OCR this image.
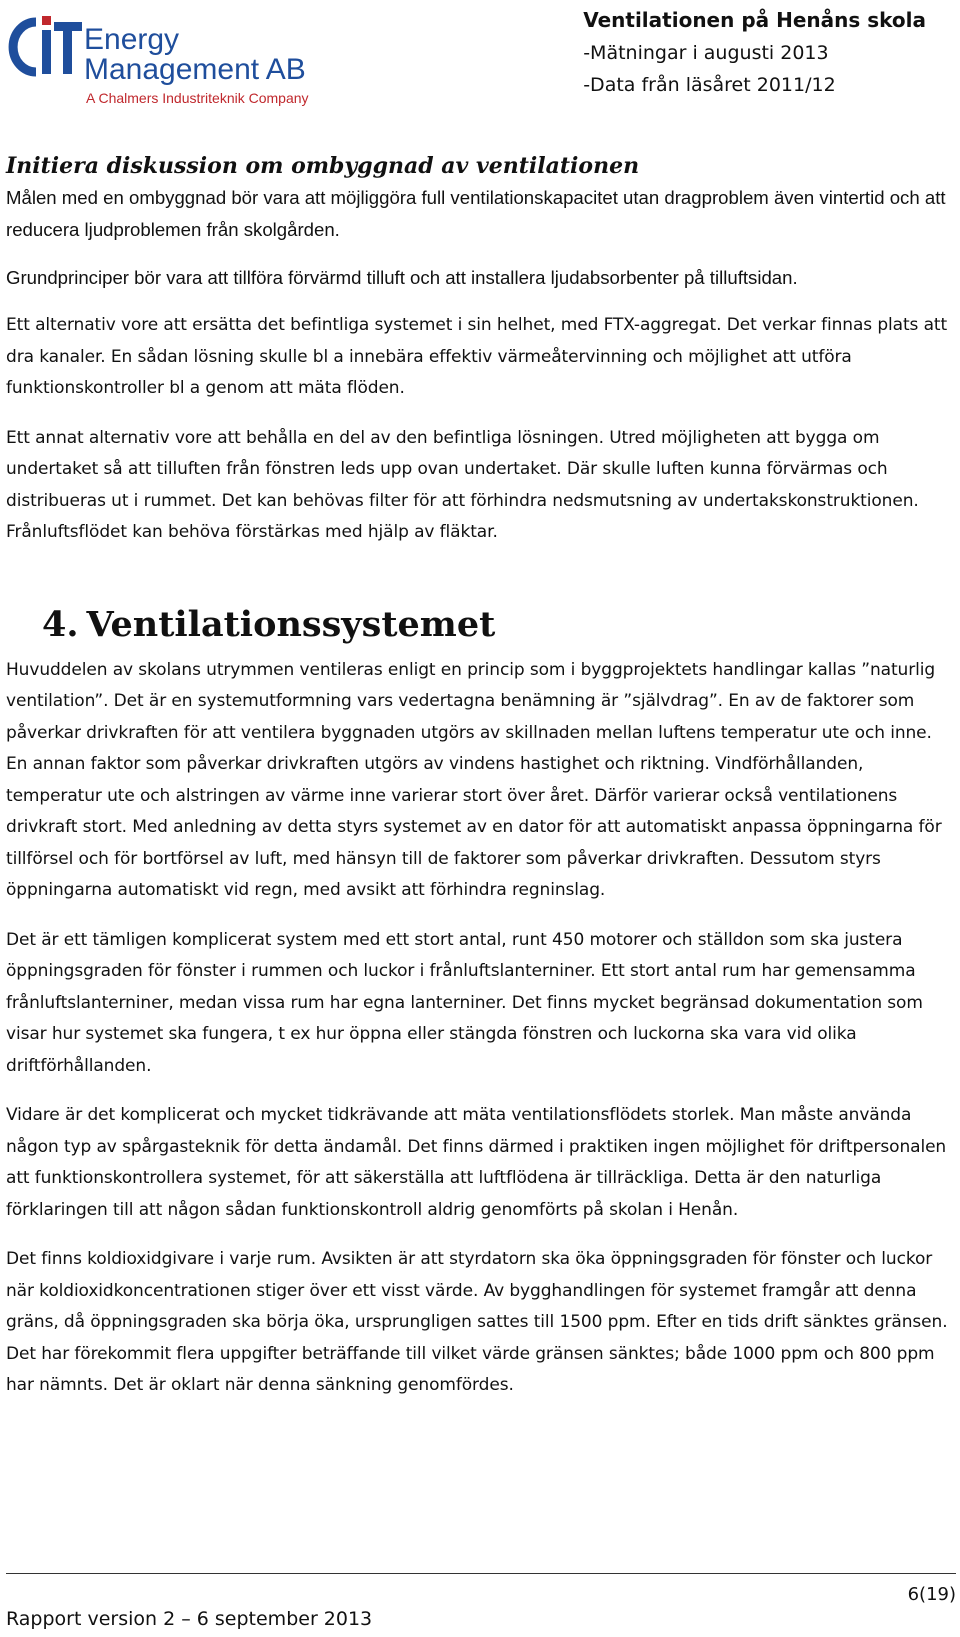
Energy
Management AB
A Chalmers Industriteknik Company
Ventilationen på Henåns skola
-Mätningar i augusti 2013
-Data från läsåret 2011/12
Initiera diskussion om ombyggnad av ventilationen

Målen med en ombyggnad bör vara att möjliggöra full ventilationskapacitet utan dragproblem även vintertid och att reducera ljudproblemen från skolgården.

Grundprinciper bör vara att tillföra förvärmd tilluft och att installera ljudabsorbenter på tilluftsidan.

Ett alternativ vore att ersätta det befintliga systemet i sin helhet, med FTX-aggregat. Det verkar finnas plats att dra kanaler. En sådan lösning skulle bl a innebära effektiv värmeåtervinning och möjlighet att utföra funktionskontroller bl a genom att mäta flöden.

Ett annat alternativ vore att behålla en del av den befintliga lösningen. Utred möjligheten att bygga om undertaket så att tilluften från fönstren leds upp ovan undertaket. Där skulle luften kunna förvärmas och distribueras ut i rummet. Det kan behövas filter för att förhindra nedsmutsning av undertakskonstruktionen. Frånluftsflödet kan behöva förstärkas med hjälp av fläktar.

4. Ventilationssystemet

Huvuddelen av skolans utrymmen ventileras enligt en princip som i byggprojektets handlingar kallas ”naturlig ventilation”. Det är en systemutformning vars vedertagna benämning är ”självdrag”. En av de faktorer som påverkar drivkraften för att ventilera byggnaden utgörs av skillnaden mellan luftens temperatur ute och inne. En annan faktor som påverkar drivkraften utgörs av vindens hastighet och riktning. Vindförhållanden, temperatur ute och alstringen av värme inne varierar stort över året. Därför varierar också ventilationens drivkraft stort. Med anledning av detta styrs systemet av en dator för att automatiskt anpassa öppningarna för tillförsel och för bortförsel av luft, med hänsyn till de faktorer som påverkar drivkraften. Dessutom styrs öppningarna automatiskt vid regn, med avsikt att förhindra regninslag.

Det är ett tämligen komplicerat system med ett stort antal, runt 450 motorer och ställdon som ska justera öppningsgraden för fönster i rummen och luckor i frånluftslanterniner. Ett stort antal rum har gemensamma frånluftslanterniner, medan vissa rum har egna lanterniner. Det finns mycket begränsad dokumentation som visar hur systemet ska fungera, t ex hur öppna eller stängda fönstren och luckorna ska vara vid olika driftförhållanden.

Vidare är det komplicerat och mycket tidkrävande att mäta ventilationsflödets storlek. Man måste använda någon typ av spårgasteknik för detta ändamål. Det finns därmed i praktiken ingen möjlighet för driftpersonalen att funktionskontrollera systemet, för att säkerställa att luftflödena är tillräckliga. Detta är den naturliga förklaringen till att någon sådan funktionskontroll aldrig genomförts på skolan i Henån.

Det finns koldioxidgivare i varje rum. Avsikten är att styrdatorn ska öka öppningsgraden för fönster och luckor när koldioxidkoncentrationen stiger över ett visst värde. Av bygghandlingen för systemet framgår att denna gräns, då öppningsgraden ska börja öka, ursprungligen sattes till 1500 ppm. Efter en tids drift sänktes gränsen. Det har förekommit flera uppgifter beträffande till vilket värde gränsen sänktes; både 1000 ppm och 800 ppm har nämnts. Det är oklart när denna sänkning genomfördes.

6(19)
Rapport version 2 – 6 september 2013
